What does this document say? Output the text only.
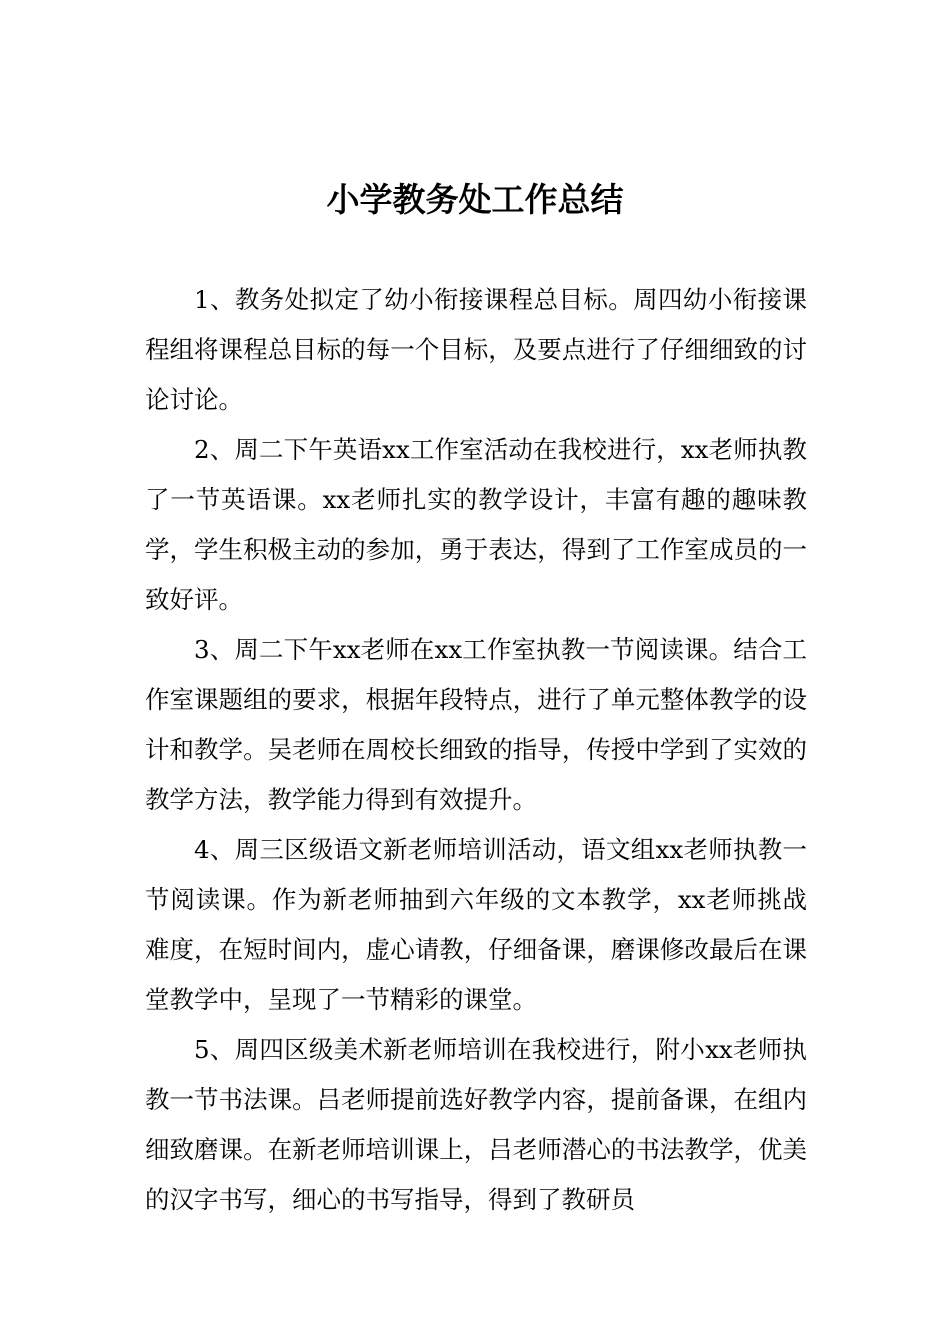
小学教务处工作总结

1、教务处拟定了幼小衔接课程总目标。周四幼小衔接课程组将课程总目标的每一个目标，及要点进行了仔细细致的讨论讨论。

2、周二下午英语xx工作室活动在我校进行，xx老师执教了一节英语课。xx老师扎实的教学设计，丰富有趣的趣味教学，学生积极主动的参加，勇于表达，得到了工作室成员的一致好评。

3、周二下午xx老师在xx工作室执教一节阅读课。结合工作室课题组的要求，根据年段特点，进行了单元整体教学的设计和教学。吴老师在周校长细致的指导，传授中学到了实效的教学方法，教学能力得到有效提升。

4、周三区级语文新老师培训活动，语文组xx老师执教一节阅读课。作为新老师抽到六年级的文本教学，xx老师挑战难度，在短时间内，虚心请教，仔细备课，磨课修改最后在课堂教学中，呈现了一节精彩的课堂。

5、周四区级美术新老师培训在我校进行，附小xx老师执教一节书法课。吕老师提前选好教学内容，提前备课，在组内细致磨课。在新老师培训课上，吕老师潜心的书法教学，优美的汉字书写，细心的书写指导，得到了教研员
